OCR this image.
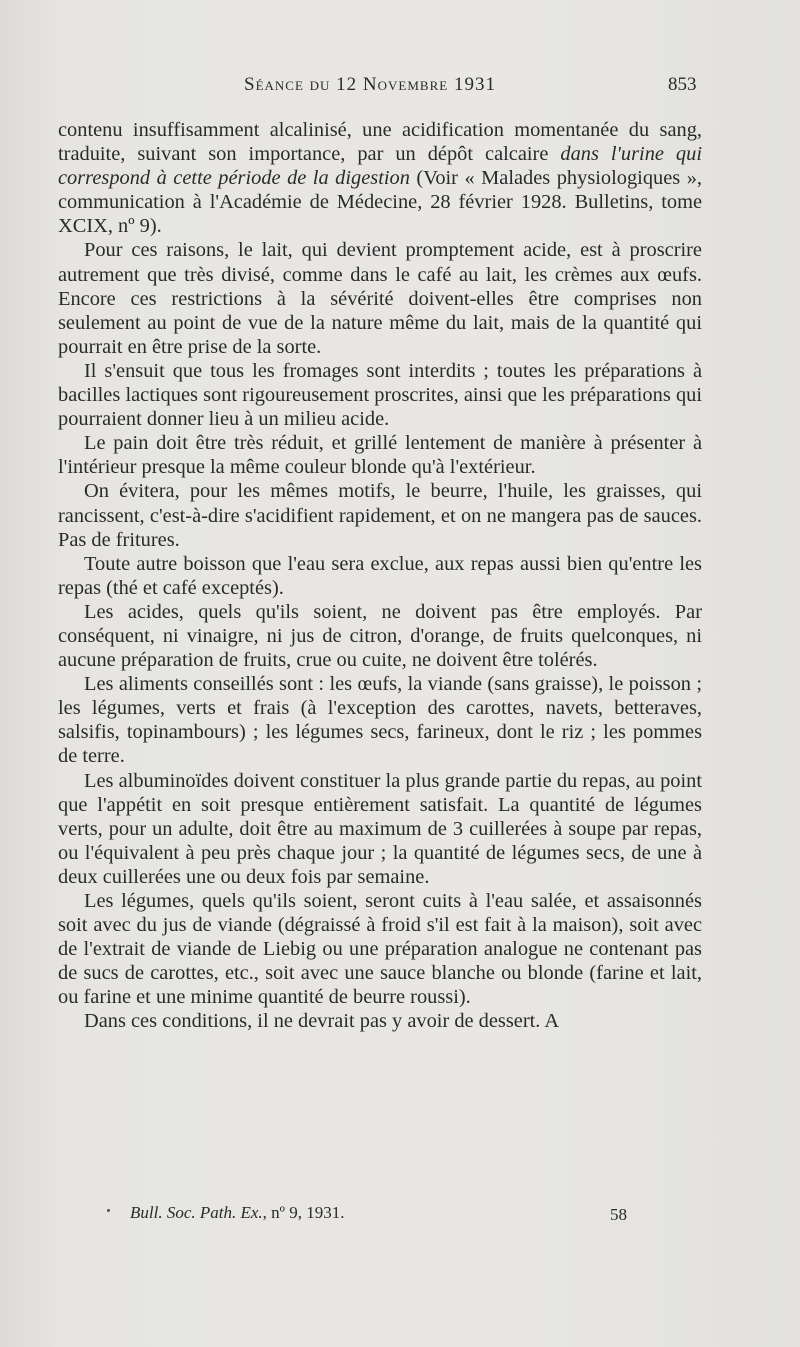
Séance du 12 Novembre 1931	853

contenu insuffisamment alcalinisé, une acidification momentanée du sang, traduite, suivant son importance, par un dépôt calcaire dans l'urine qui correspond à cette période de la digestion (Voir « Malades physiologiques », communication à l'Académie de Médecine, 28 février 1928. Bulletins, tome XCIX, nº 9).

Pour ces raisons, le lait, qui devient promptement acide, est à proscrire autrement que très divisé, comme dans le café au lait, les crèmes aux œufs. Encore ces restrictions à la sévérité doivent-elles être comprises non seulement au point de vue de la nature même du lait, mais de la quantité qui pourrait en être prise de la sorte.

Il s'ensuit que tous les fromages sont interdits ; toutes les préparations à bacilles lactiques sont rigoureusement proscrites, ainsi que les préparations qui pourraient donner lieu à un milieu acide.

Le pain doit être très réduit, et grillé lentement de manière à présenter à l'intérieur presque la même couleur blonde qu'à l'extérieur.

On évitera, pour les mêmes motifs, le beurre, l'huile, les graisses, qui rancissent, c'est-à-dire s'acidifient rapidement, et on ne mangera pas de sauces. Pas de fritures.

Toute autre boisson que l'eau sera exclue, aux repas aussi bien qu'entre les repas (thé et café exceptés).

Les acides, quels qu'ils soient, ne doivent pas être employés. Par conséquent, ni vinaigre, ni jus de citron, d'orange, de fruits quelconques, ni aucune préparation de fruits, crue ou cuite, ne doivent être tolérés.

Les aliments conseillés sont : les œufs, la viande (sans graisse), le poisson ; les légumes, verts et frais (à l'exception des carottes, navets, betteraves, salsifis, topinambours) ; les légumes secs, farineux, dont le riz ; les pommes de terre.

Les albuminoïdes doivent constituer la plus grande partie du repas, au point que l'appétit en soit presque entièrement satisfait. La quantité de légumes verts, pour un adulte, doit être au maximum de 3 cuillerées à soupe par repas, ou l'équivalent à peu près chaque jour ; la quantité de légumes secs, de une à deux cuillerées une ou deux fois par semaine.

Les légumes, quels qu'ils soient, seront cuits à l'eau salée, et assaisonnés soit avec du jus de viande (dégraissé à froid s'il est fait à la maison), soit avec de l'extrait de viande de Liebig ou une préparation analogue ne contenant pas de sucs de carottes, etc., soit avec une sauce blanche ou blonde (farine et lait, ou farine et une minime quantité de beurre roussi).

Dans ces conditions, il ne devrait pas y avoir de dessert. A

Bull. Soc. Path. Ex., nº 9, 1931.	58
